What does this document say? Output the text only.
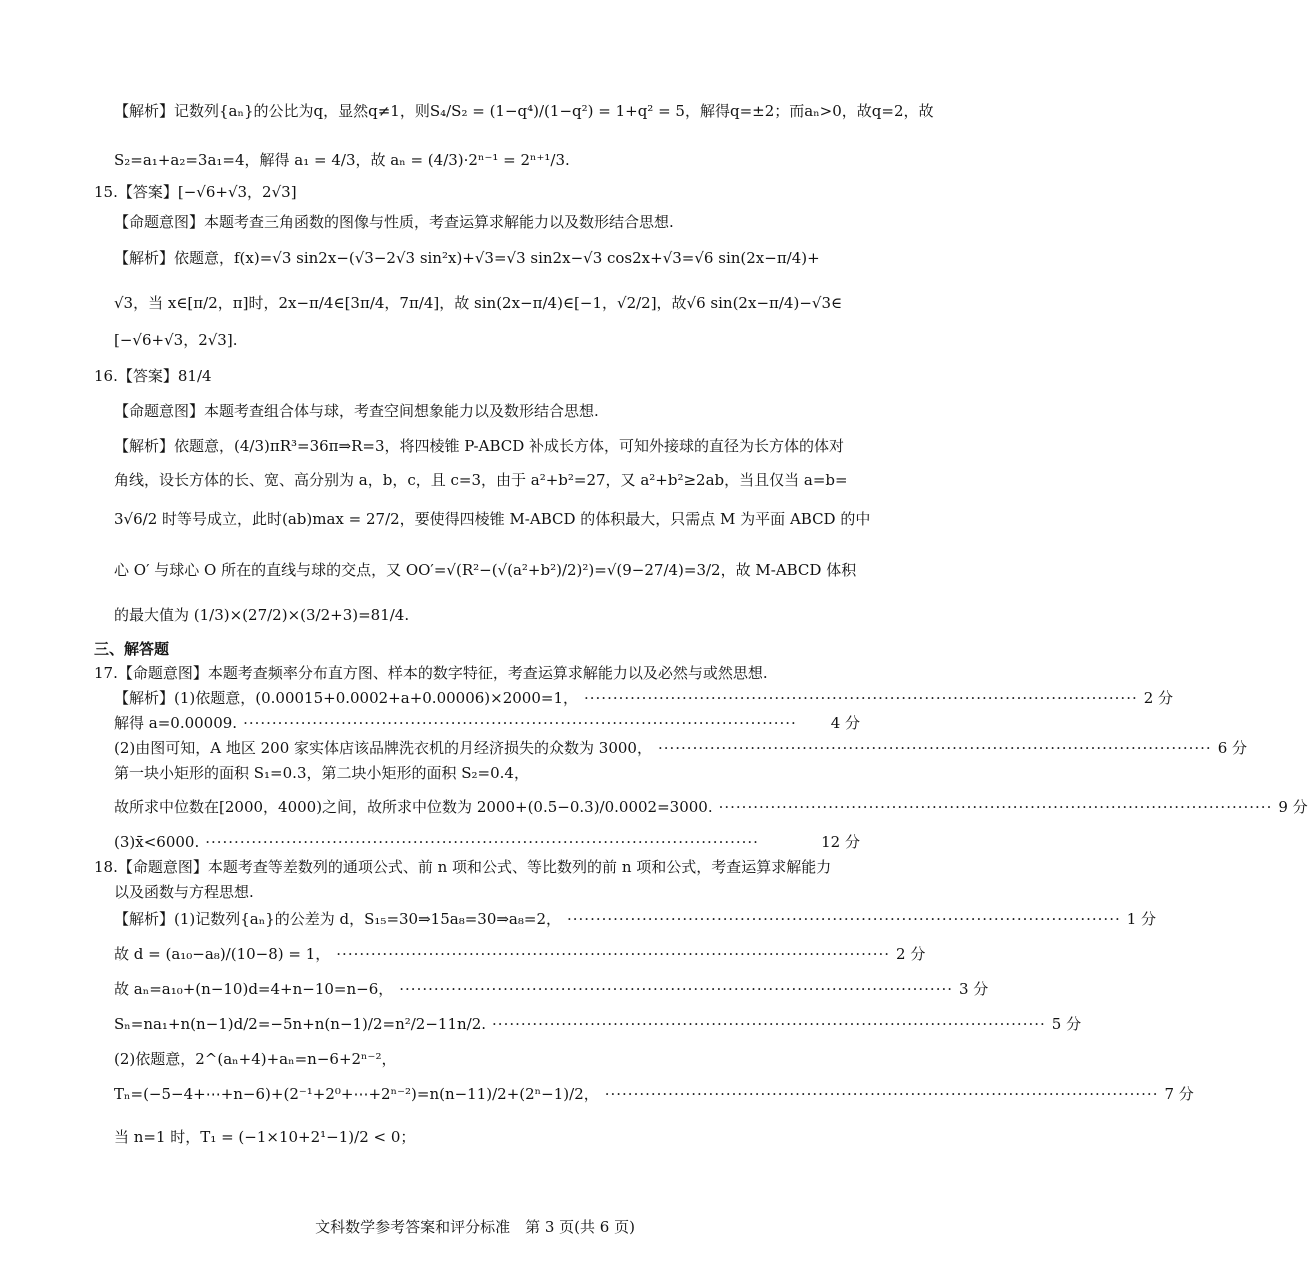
【解析】记数列{aₙ}的公比为q，显然q≠1，则S₄/S₂ = (1−q⁴)/(1−q²) = 1+q² = 5，解得q=±2；而aₙ>0，故q=2，故
S₂=a₁+a₂=3a₁=4，解得 a₁ = 4/3，故 aₙ = (4/3)·2ⁿ⁻¹ = 2ⁿ⁺¹/3.
15.【答案】[−√6+√3，2√3]
【命题意图】本题考查三角函数的图像与性质，考查运算求解能力以及数形结合思想.
【解析】依题意，f(x)=√3 sin2x−(√3−2√3 sin²x)+√3=√3 sin2x−√3 cos2x+√3=√6 sin(2x−π/4)+
√3，当 x∈[π/2，π]时，2x−π/4∈[3π/4，7π/4]，故 sin(2x−π/4)∈[−1，√2/2]，故√6 sin(2x−π/4)−√3∈
[−√6+√3，2√3].
16.【答案】81/4
【命题意图】本题考查组合体与球，考查空间想象能力以及数形结合思想.
【解析】依题意，(4/3)πR³=36π⇒R=3，将四棱锥 P-ABCD 补成长方体，可知外接球的直径为长方体的体对
角线，设长方体的长、宽、高分别为 a，b，c，且 c=3，由于 a²+b²=27，又 a²+b²≥2ab，当且仅当 a=b=
3√6/2 时等号成立，此时(ab)max = 27/2，要使得四棱锥 M-ABCD 的体积最大，只需点 M 为平面 ABCD 的中
心 O′ 与球心 O 所在的直线与球的交点，又 OO′=√(R²−(√(a²+b²)/2)²)=√(9−27/4)=3/2，故 M-ABCD 体积
的最大值为 (1/3)×(27/2)×(3/2+3)=81/4.
三、解答题
17.【命题意图】本题考查频率分布直方图、样本的数字特征，考查运算求解能力以及必然与或然思想.
【解析】(1)依题意，(0.00015+0.0002+a+0.00006)×2000=1， ································································································ 2 分
解得 a=0.00009. ································································································	4 分
(2)由图可知，A 地区 200 家实体店该品牌洗衣机的月经济损失的众数为 3000， ································································································ 6 分
第一块小矩形的面积 S₁=0.3，第二块小矩形的面积 S₂=0.4，
故所求中位数在[2000，4000)之间，故所求中位数为 2000+(0.5−0.3)/0.0002=3000. ································································································ 9 分
(3)x̄<6000. ································································································	12 分
18.【命题意图】本题考查等差数列的通项公式、前 n 项和公式、等比数列的前 n 项和公式，考查运算求解能力
以及函数与方程思想.
【解析】(1)记数列{aₙ}的公差为 d，S₁₅=30⇒15a₈=30⇒a₈=2， ································································································ 1 分
故 d = (a₁₀−a₈)/(10−8) = 1， ································································································ 2 分
故 aₙ=a₁₀+(n−10)d=4+n−10=n−6， ································································································ 3 分
Sₙ=na₁+n(n−1)d/2=−5n+n(n−1)/2=n²/2−11n/2. ································································································ 5 分
(2)依题意，2^(aₙ+4)+aₙ=n−6+2ⁿ⁻²，
Tₙ=(−5−4+⋯+n−6)+(2⁻¹+2⁰+⋯+2ⁿ⁻²)=n(n−11)/2+(2ⁿ−1)/2， ································································································ 7 分
当 n=1 时，T₁ = (−1×10+2¹−1)/2 < 0；
文科数学参考答案和评分标准　第 3 页(共 6 页)
